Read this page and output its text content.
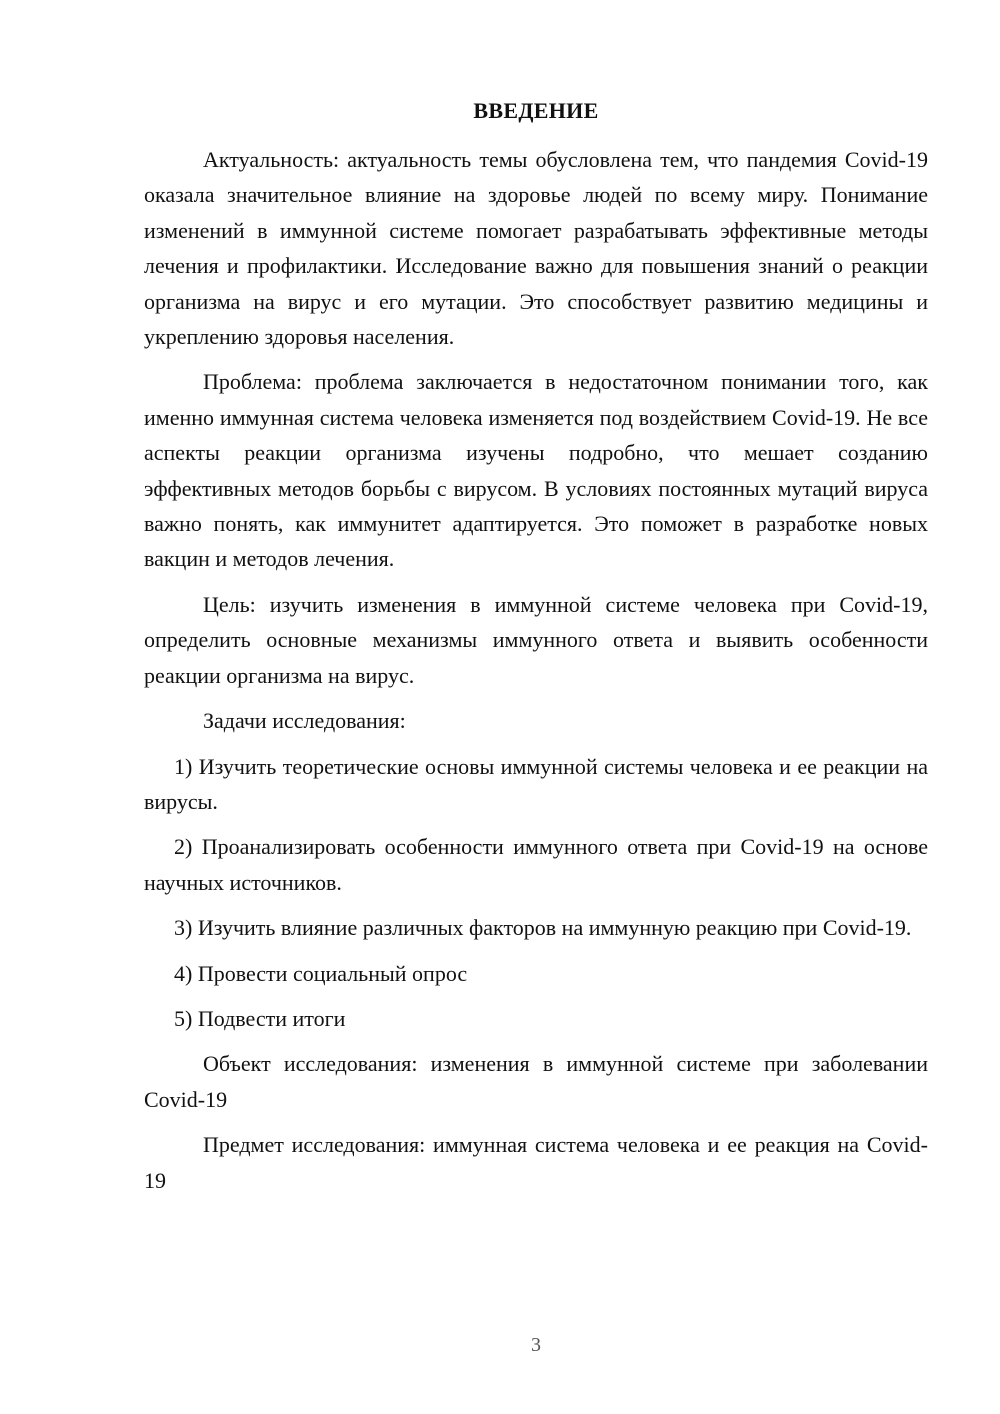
ВВЕДЕНИЕ

Актуальность: актуальность темы обусловлена тем, что пандемия Covid-19 оказала значительное влияние на здоровье людей по всему миру. Понимание изменений в иммунной системе помогает разрабатывать эффективные методы лечения и профилактики. Исследование важно для повышения знаний о реакции организма на вирус и его мутации. Это способствует развитию медицины и укреплению здоровья населения.

Проблема: проблема заключается в недостаточном понимании того, как именно иммунная система человека изменяется под воздействием Covid-19. Не все аспекты реакции организма изучены подробно, что мешает созданию эффективных методов борьбы с вирусом. В условиях постоянных мутаций вируса важно понять, как иммунитет адаптируется. Это поможет в разработке новых вакцин и методов лечения.

Цель: изучить изменения в иммунной системе человека при Covid-19, определить основные механизмы иммунного ответа и выявить особенности реакции организма на вирус.

Задачи исследования:

1) Изучить теоретические основы иммунной системы человека и ее реакции на вирусы.

2) Проанализировать особенности иммунного ответа при Covid-19 на основе научных источников.

3) Изучить влияние различных факторов на иммунную реакцию при Covid-19.

4) Провести социальный опрос

5) Подвести итоги

Объект исследования: изменения в иммунной системе при заболевании Covid-19

Предмет исследования: иммунная система человека и ее реакция на Covid-19

3
